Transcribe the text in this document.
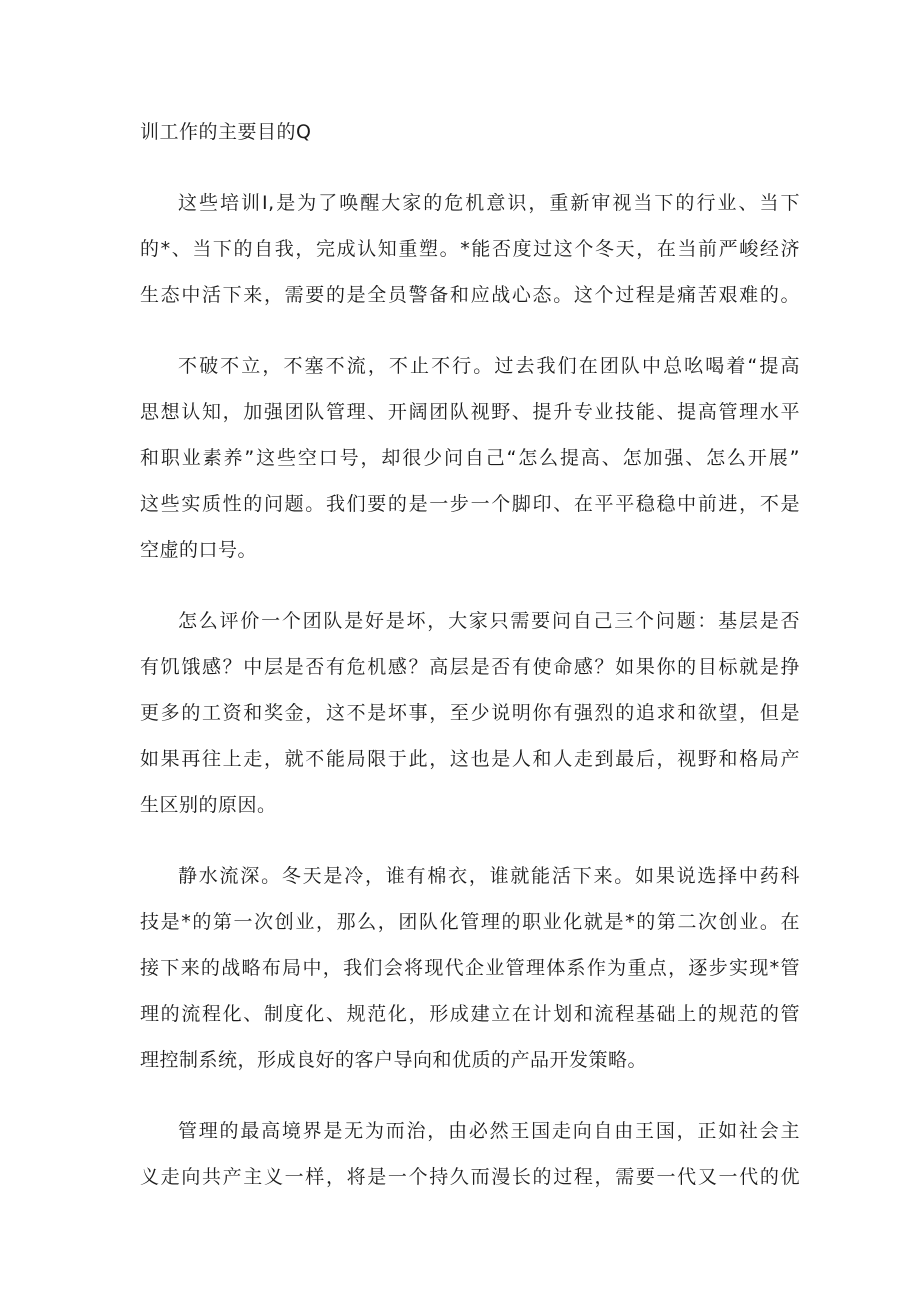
训工作的主要目的Q
这些培训I,是为了唤醒大家的危机意识，重新审视当下的行业、当下
的*、当下的自我，完成认知重塑。*能否度过这个冬天，在当前严峻经济
生态中活下来，需要的是全员警备和应战心态。这个过程是痛苦艰难的。
不破不立，不塞不流，不止不行。过去我们在团队中总吆喝着“提高
思想认知，加强团队管理、开阔团队视野、提升专业技能、提高管理水平
和职业素养”这些空口号，却很少问自己“怎么提高、怎加强、怎么开展”
这些实质性的问题。我们要的是一步一个脚印、在平平稳稳中前进，不是
空虚的口号。
怎么评价一个团队是好是坏，大家只需要问自己三个问题：基层是否
有饥饿感？中层是否有危机感？高层是否有使命感？如果你的目标就是挣
更多的工资和奖金，这不是坏事，至少说明你有强烈的追求和欲望，但是
如果再往上走，就不能局限于此，这也是人和人走到最后，视野和格局产
生区别的原因。
静水流深。冬天是冷，谁有棉衣，谁就能活下来。如果说选择中药科
技是*的第一次创业，那么，团队化管理的职业化就是*的第二次创业。在
接下来的战略布局中，我们会将现代企业管理体系作为重点，逐步实现*管
理的流程化、制度化、规范化，形成建立在计划和流程基础上的规范的管
理控制系统，形成良好的客户导向和优质的产品开发策略。
管理的最高境界是无为而治，由必然王国走向自由王国，正如社会主
义走向共产主义一样，将是一个持久而漫长的过程，需要一代又一代的优
